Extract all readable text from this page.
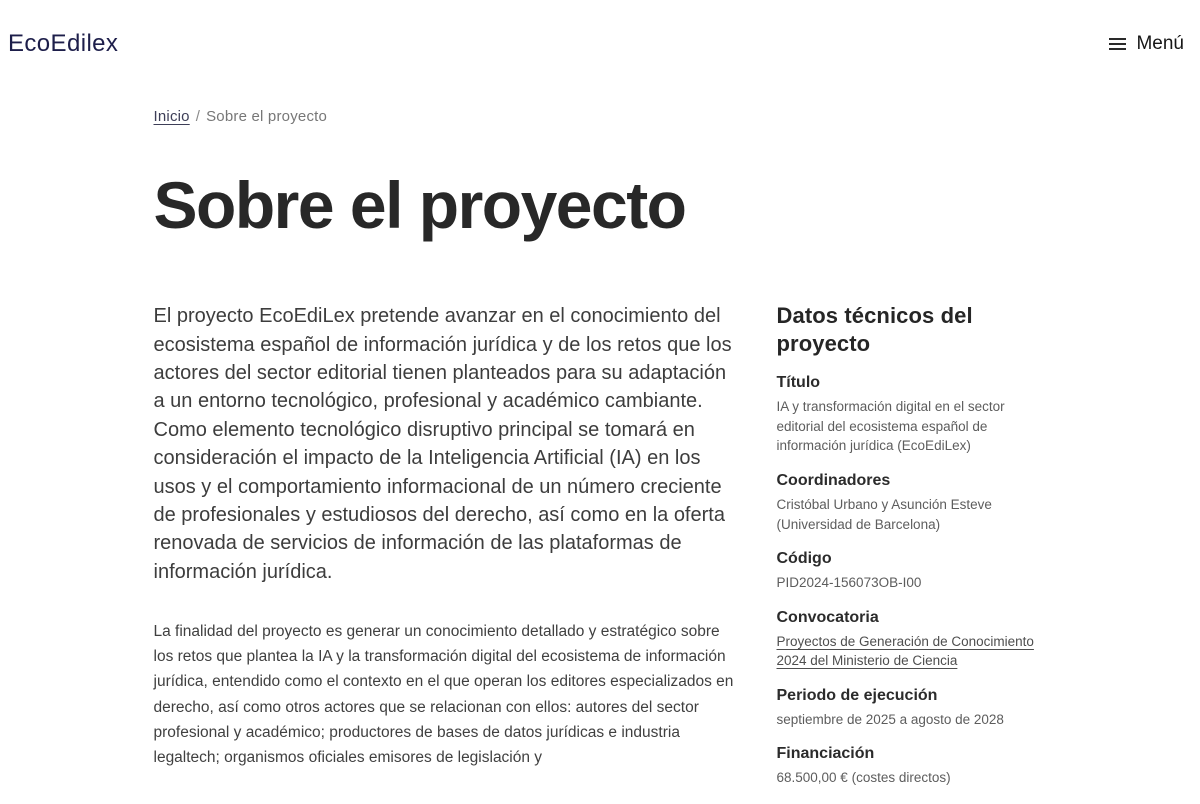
EcoEdilex	Menú
Inicio / Sobre el proyecto
Sobre el proyecto

El proyecto EcoEdiLex pretende avanzar en el conocimiento del ecosistema español de información jurídica y de los retos que los actores del sector editorial tienen planteados para su adaptación a un entorno tecnológico, profesional y académico cambiante. Como elemento tecnológico disruptivo principal se tomará en consideración el impacto de la Inteligencia Artificial (IA) en los usos y el comportamiento informacional de un número creciente de profesionales y estudiosos del derecho, así como en la oferta renovada de servicios de información de las plataformas de información jurídica.

La finalidad del proyecto es generar un conocimiento detallado y estratégico sobre los retos que plantea la IA y la transformación digital del ecosistema de información jurídica, entendido como el contexto en el que operan los editores especializados en derecho, así como otros actores que se relacionan con ellos: autores del sector profesional y académico; productores de bases de datos jurídicas e industria legaltech; organismos oficiales emisores de legislación y

Datos técnicos del proyecto

Título

IA y transformación digital en el sector editorial del ecosistema español de información jurídica (EcoEdiLex)

Coordinadores

Cristóbal Urbano y Asunción Esteve (Universidad de Barcelona)

Código

PID2024-156073OB-I00

Convocatoria

Proyectos de Generación de Conocimiento 2024 del Ministerio de Ciencia

Periodo de ejecución

septiembre de 2025 a agosto de 2028

Financiación

68.500,00 € (costes directos)
